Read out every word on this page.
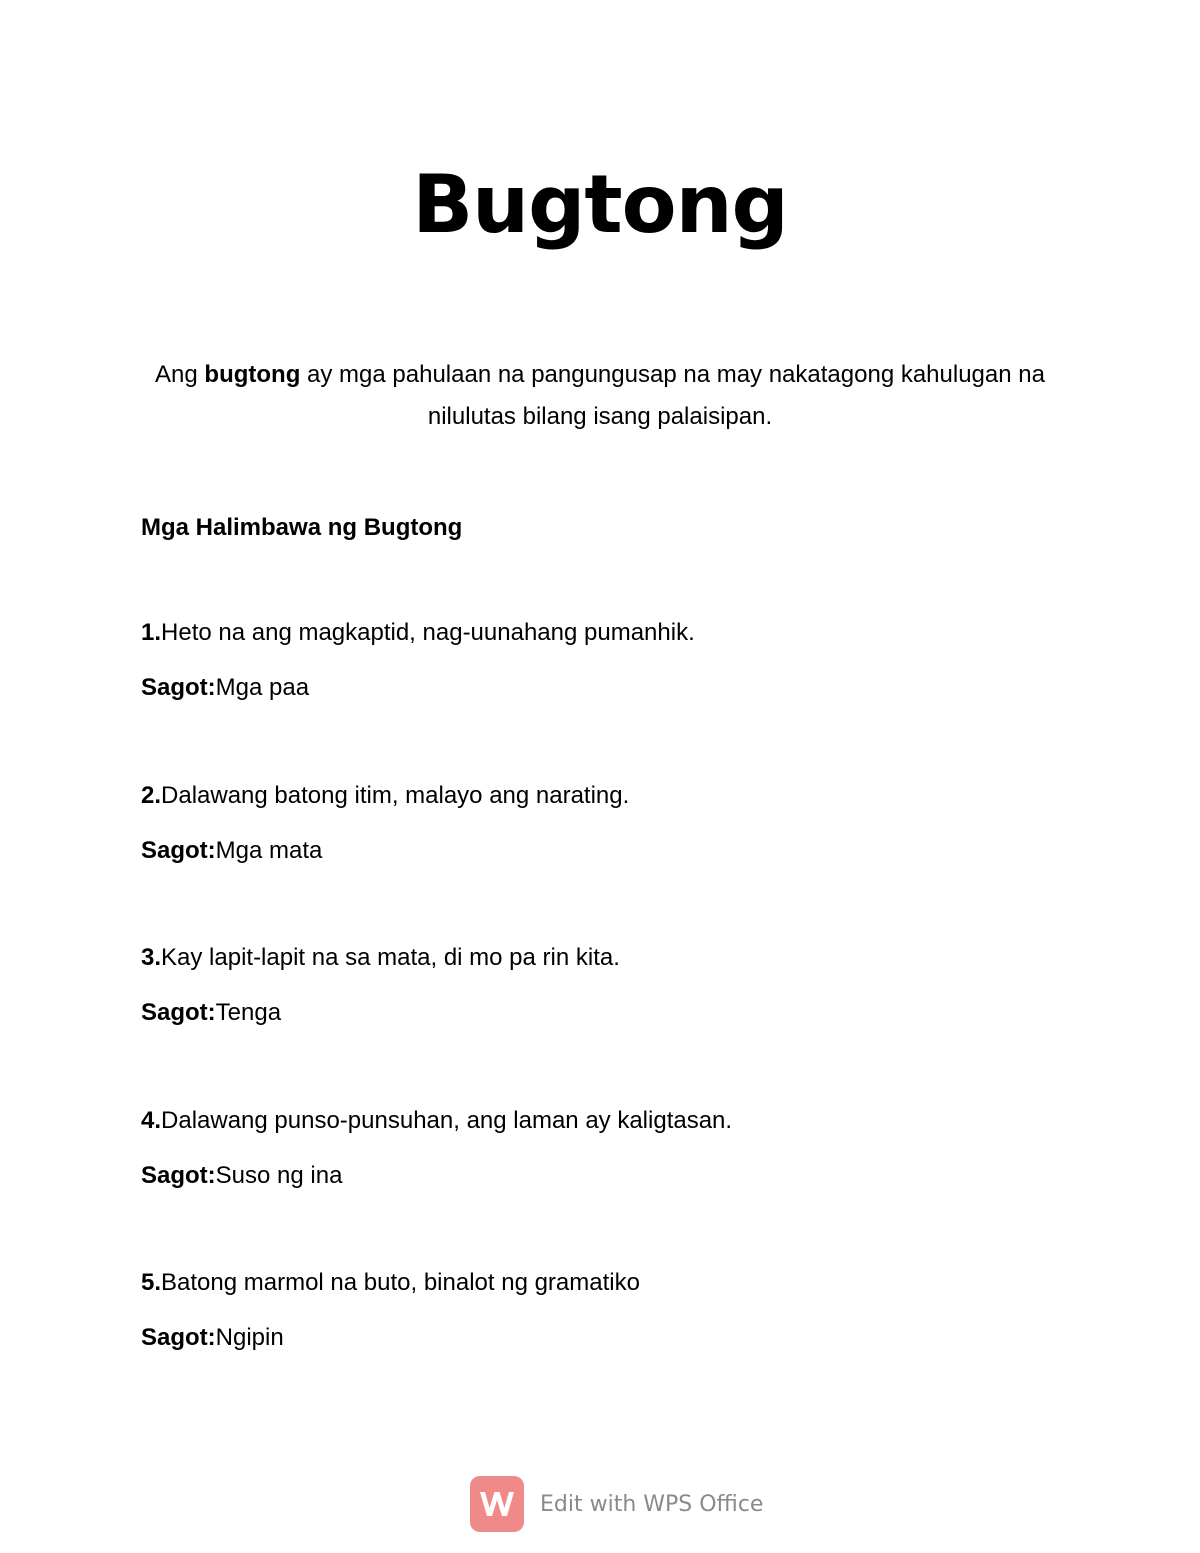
Bugtong

Ang bugtong ay mga pahulaan na pangungusap na may nakatagong kahulugan na nilulutas bilang isang palaisipan.

Mga Halimbawa ng Bugtong
1.Heto na ang magkaptid, nag-uunahang pumanhik.
Sagot:Mga paa
2.Dalawang batong itim, malayo ang narating.
Sagot:Mga mata
3.Kay lapit-lapit na sa mata, di mo pa rin kita.
Sagot:Tenga
4.Dalawang punso-punsuhan, ang laman ay kaligtasan.
Sagot:Suso ng ina
5.Batong marmol na buto, binalot ng gramatiko
Sagot:Ngipin
Edit with WPS Office
